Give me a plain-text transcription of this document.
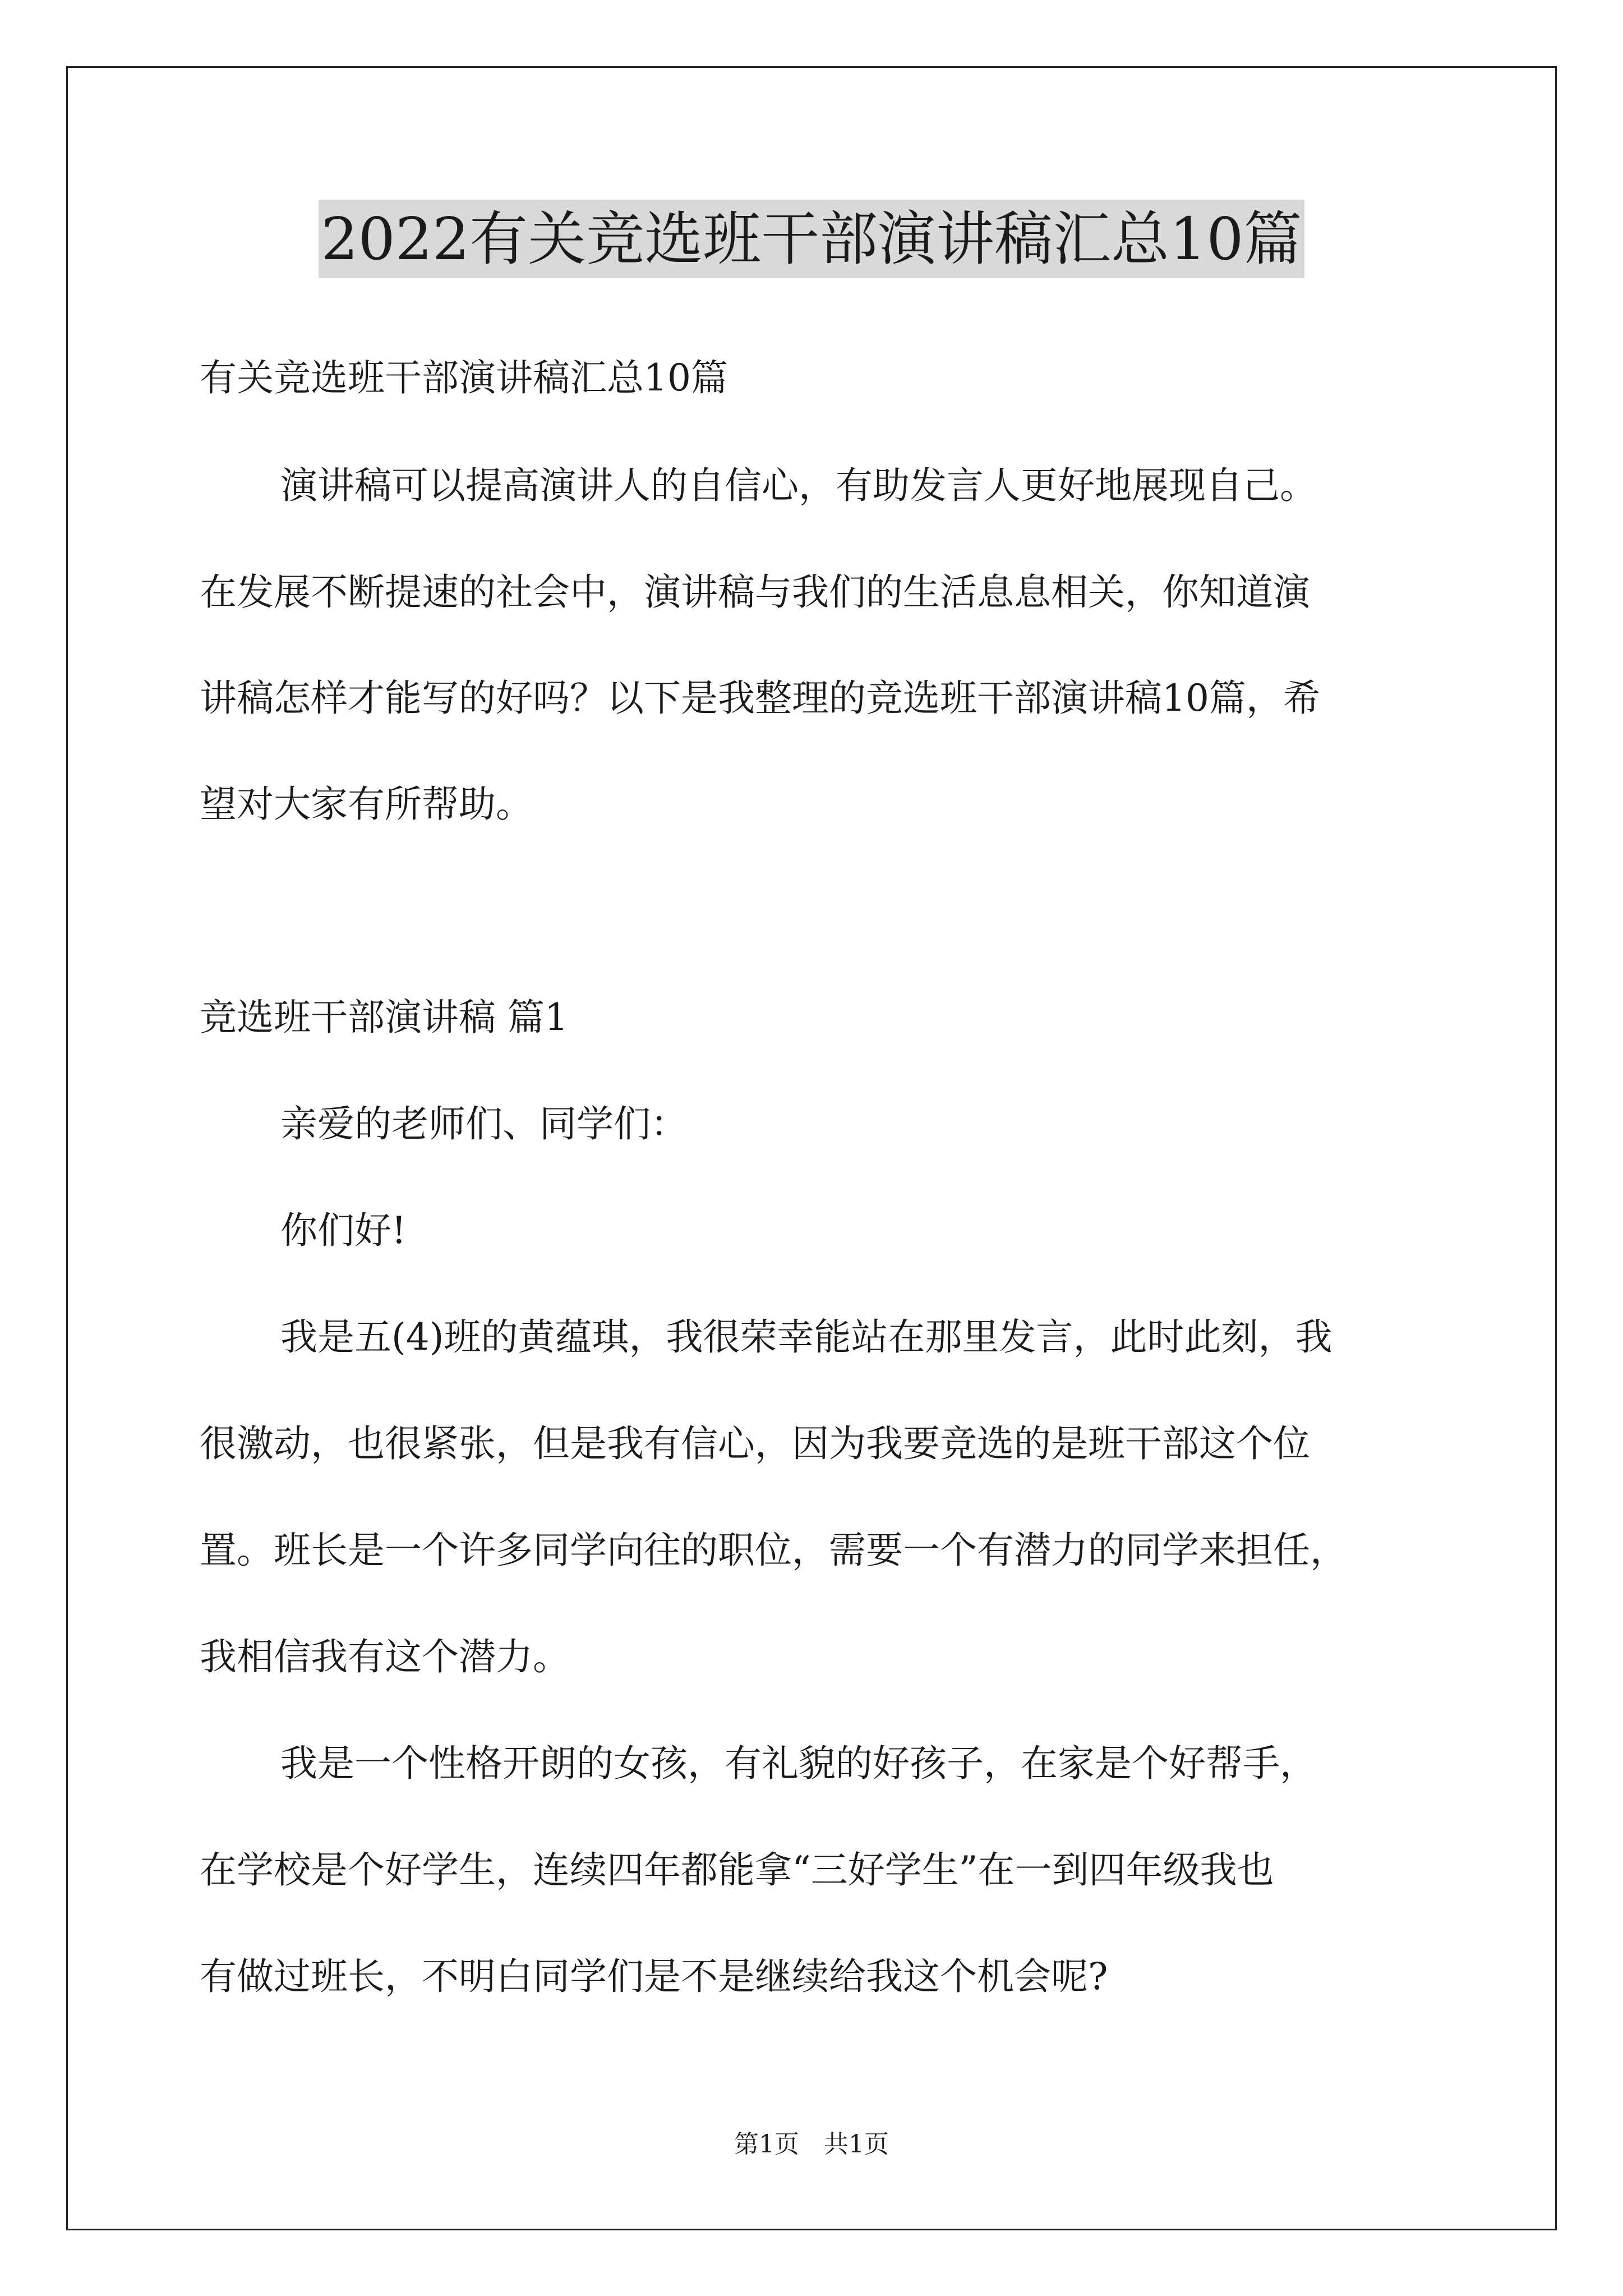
2022有关竞选班干部演讲稿汇总10篇
有关竞选班干部演讲稿汇总10篇
演讲稿可以提高演讲人的自信心，有助发言人更好地展现自己。
在发展不断提速的社会中，演讲稿与我们的生活息息相关，你知道演
讲稿怎样才能写的好吗？以下是我整理的竞选班干部演讲稿10篇，希
望对大家有所帮助。
竞选班干部演讲稿 篇1
亲爱的老师们、同学们：
你们好!
我是五(4)班的黄蕴琪，我很荣幸能站在那里发言，此时此刻，我
很激动，也很紧张，但是我有信心，因为我要竞选的是班干部这个位
置。班长是一个许多同学向往的职位，需要一个有潜力的同学来担任，
我相信我有这个潜力。
我是一个性格开朗的女孩，有礼貌的好孩子，在家是个好帮手，
在学校是个好学生，连续四年都能拿“三好学生”在一到四年级我也
有做过班长，不明白同学们是不是继续给我这个机会呢?
第1页　共1页
